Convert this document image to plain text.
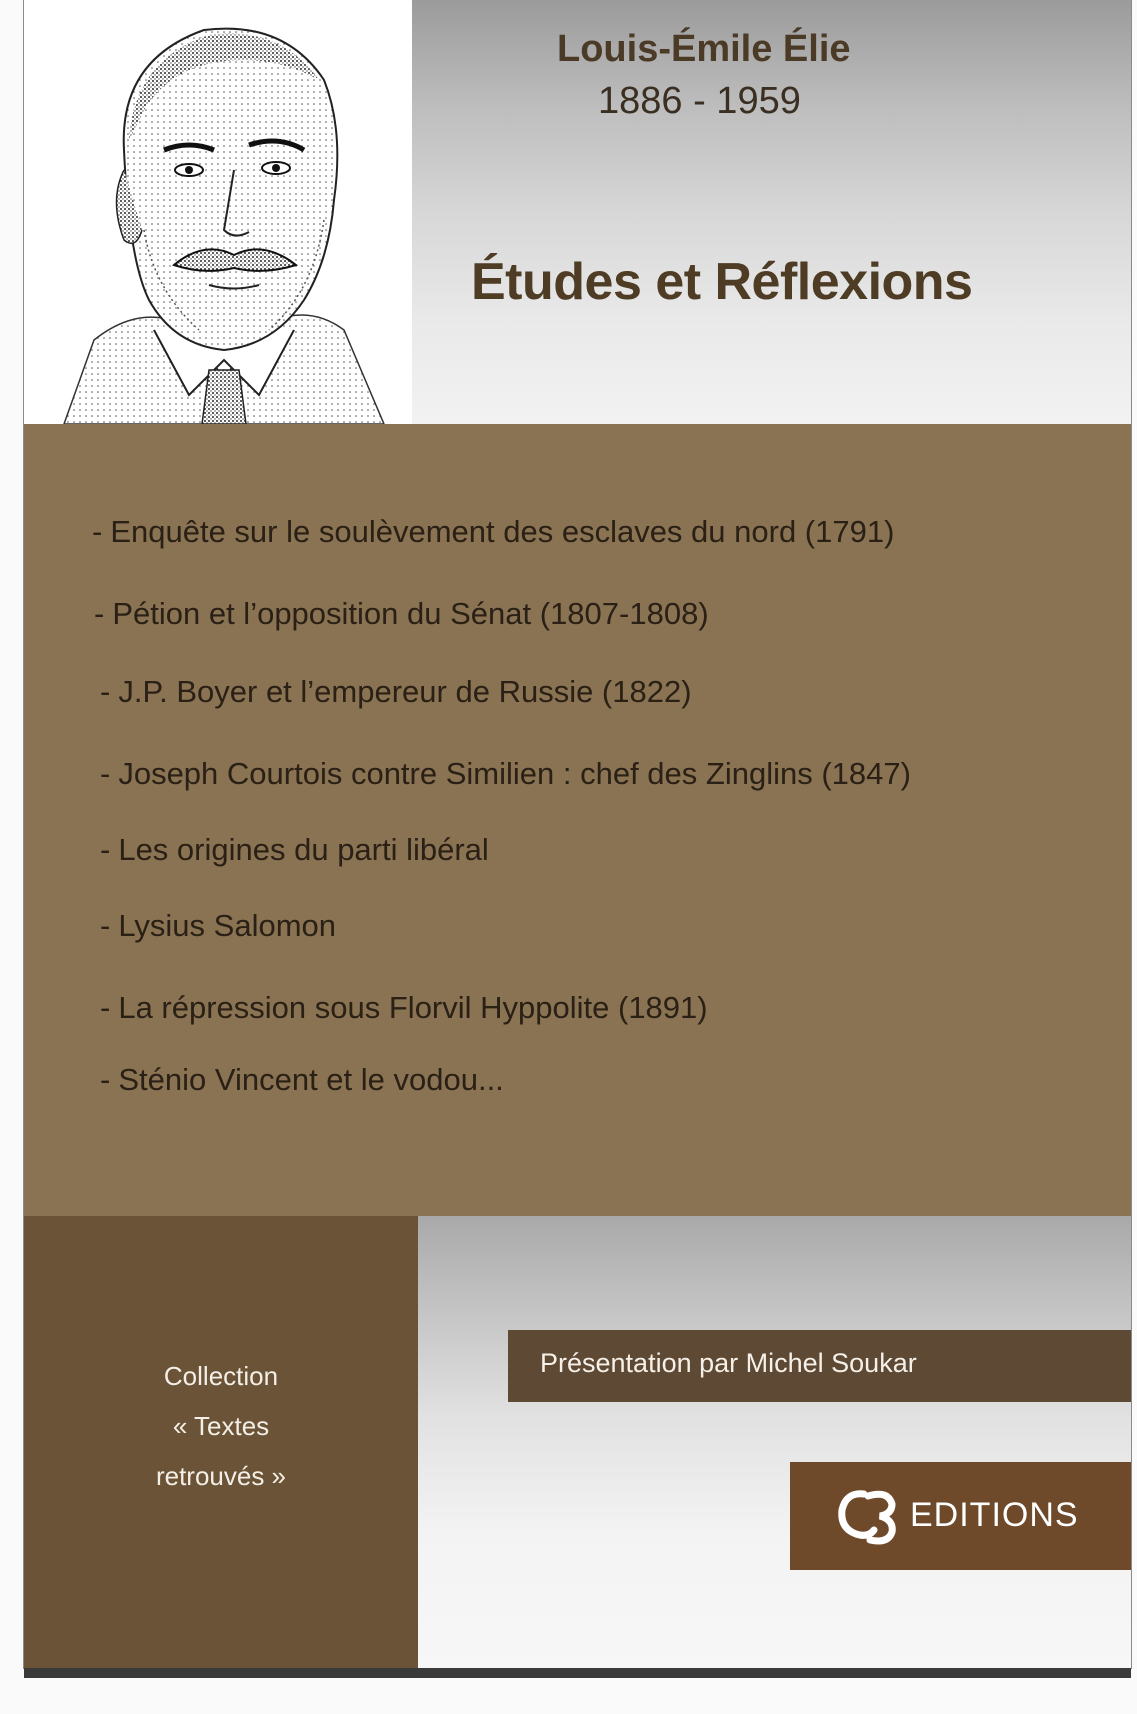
Louis-Émile Élie
1886 - 1959
Études et Réflexions
- Enquête sur le soulèvement des esclaves du nord (1791)
- Pétion et l’opposition du Sénat (1807-1808)
- J.P. Boyer et l’empereur de Russie (1822)
- Joseph Courtois contre Similien : chef des Zinglins (1847)
- Les origines du parti libéral
- Lysius Salomon
- La répression sous Florvil Hyppolite (1891)
- Sténio Vincent et le vodou...
Collection
« Textes
retrouvés »
Présentation par Michel Soukar
EDITIONS
